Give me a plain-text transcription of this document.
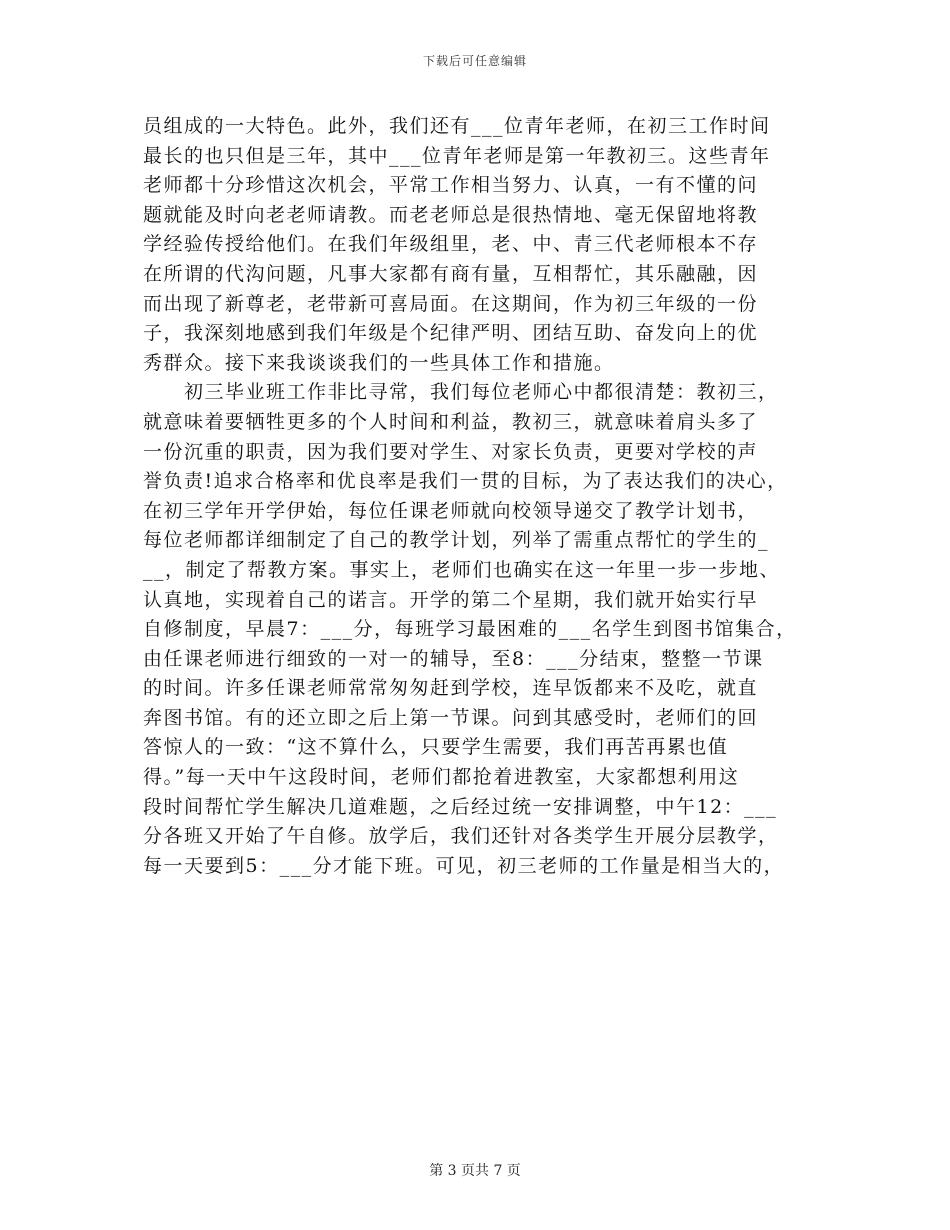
下载后可任意编辑
员组成的一大特色。此外，我们还有___位青年老师，在初三工作时间
最长的也只但是三年，其中___位青年老师是第一年教初三。这些青年
老师都十分珍惜这次机会，平常工作相当努力、认真，一有不懂的问
题就能及时向老老师请教。而老老师总是很热情地、毫无保留地将教
学经验传授给他们。在我们年级组里，老、中、青三代老师根本不存
在所谓的代沟问题，凡事大家都有商有量，互相帮忙，其乐融融，因
而出现了新尊老，老带新可喜局面。在这期间，作为初三年级的一份
子，我深刻地感到我们年级是个纪律严明、团结互助、奋发向上的优
秀群众。接下来我谈谈我们的一些具体工作和措施。
　　初三毕业班工作非比寻常，我们每位老师心中都很清楚：教初三，
就意味着要牺牲更多的个人时间和利益，教初三，就意味着肩头多了
一份沉重的职责，因为我们要对学生、对家长负责，更要对学校的声
誉负责!追求合格率和优良率是我们一贯的目标，为了表达我们的决心，
在初三学年开学伊始，每位任课老师就向校领导递交了教学计划书，
每位老师都详细制定了自己的教学计划，列举了需重点帮忙的学生的_
__，制定了帮教方案。事实上，老师们也确实在这一年里一步一步地、
认真地，实现着自己的诺言。开学的第二个星期，我们就开始实行早
自修制度，早晨7：___分，每班学习最困难的___名学生到图书馆集合，
由任课老师进行细致的一对一的辅导，至8：___分结束，整整一节课
的时间。许多任课老师常常匆匆赶到学校，连早饭都来不及吃，就直
奔图书馆。有的还立即之后上第一节课。问到其感受时，老师们的回
答惊人的一致：“这不算什么，只要学生需要，我们再苦再累也值
得。”每一天中午这段时间，老师们都抢着进教室，大家都想利用这
段时间帮忙学生解决几道难题，之后经过统一安排调整，中午12：___
分各班又开始了午自修。放学后，我们还针对各类学生开展分层教学，
每一天要到5：___分才能下班。可见，初三老师的工作量是相当大的，
第 3 页共 7 页
